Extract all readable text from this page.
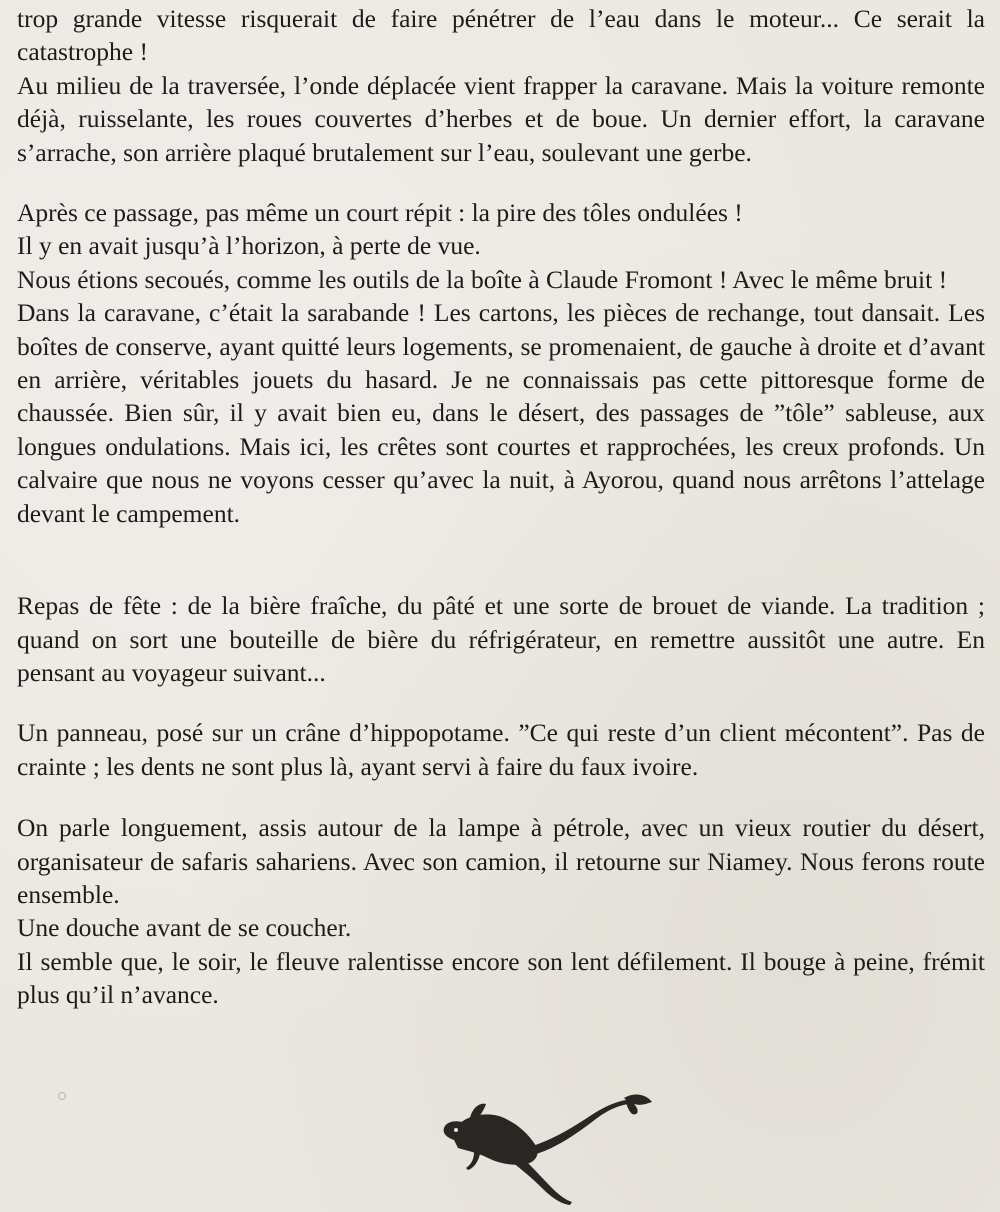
trop grande vitesse risquerait de faire pénétrer de l’eau dans le moteur... Ce serait la catastrophe !

Au milieu de la traversée, l’onde déplacée vient frapper la caravane. Mais la voiture remonte déjà, ruisselante, les roues couvertes d’herbes et de boue. Un dernier effort, la caravane s’arrache, son arrière plaqué brutalement sur l’eau, soulevant une gerbe.

Après ce passage, pas même un court répit : la pire des tôles ondulées !

Il y en avait jusqu’à l’horizon, à perte de vue.

Nous étions secoués, comme les outils de la boîte à Claude Fromont ! Avec le même bruit !

Dans la caravane, c’était la sarabande ! Les cartons, les pièces de rechange, tout dansait. Les boîtes de conserve, ayant quitté leurs logements, se promenaient, de gauche à droite et d’avant en arrière, véritables jouets du hasard. Je ne connaissais pas cette pittoresque forme de chaussée. Bien sûr, il y avait bien eu, dans le désert, des passages de ”tôle” sableuse, aux longues ondulations. Mais ici, les crêtes sont courtes et rapprochées, les creux profonds. Un calvaire que nous ne voyons cesser qu’avec la nuit, à Ayorou, quand nous arrêtons l’attelage devant le campement.

Repas de fête : de la bière fraîche, du pâté et une sorte de brouet de viande. La tradition ; quand on sort une bouteille de bière du réfrigérateur, en remettre aussitôt une autre. En pensant au voyageur suivant...

Un panneau, posé sur un crâne d’hippopotame. ”Ce qui reste d’un client mécontent”. Pas de crainte ; les dents ne sont plus là, ayant servi à faire du faux ivoire.

On parle longuement, assis autour de la lampe à pétrole, avec un vieux routier du désert, organisateur de safaris sahariens. Avec son camion, il retourne sur Niamey. Nous ferons route ensemble.

Une douche avant de se coucher.

Il semble que, le soir, le fleuve ralentisse encore son lent défilement. Il bouge à peine, frémit plus qu’il n’avance.
